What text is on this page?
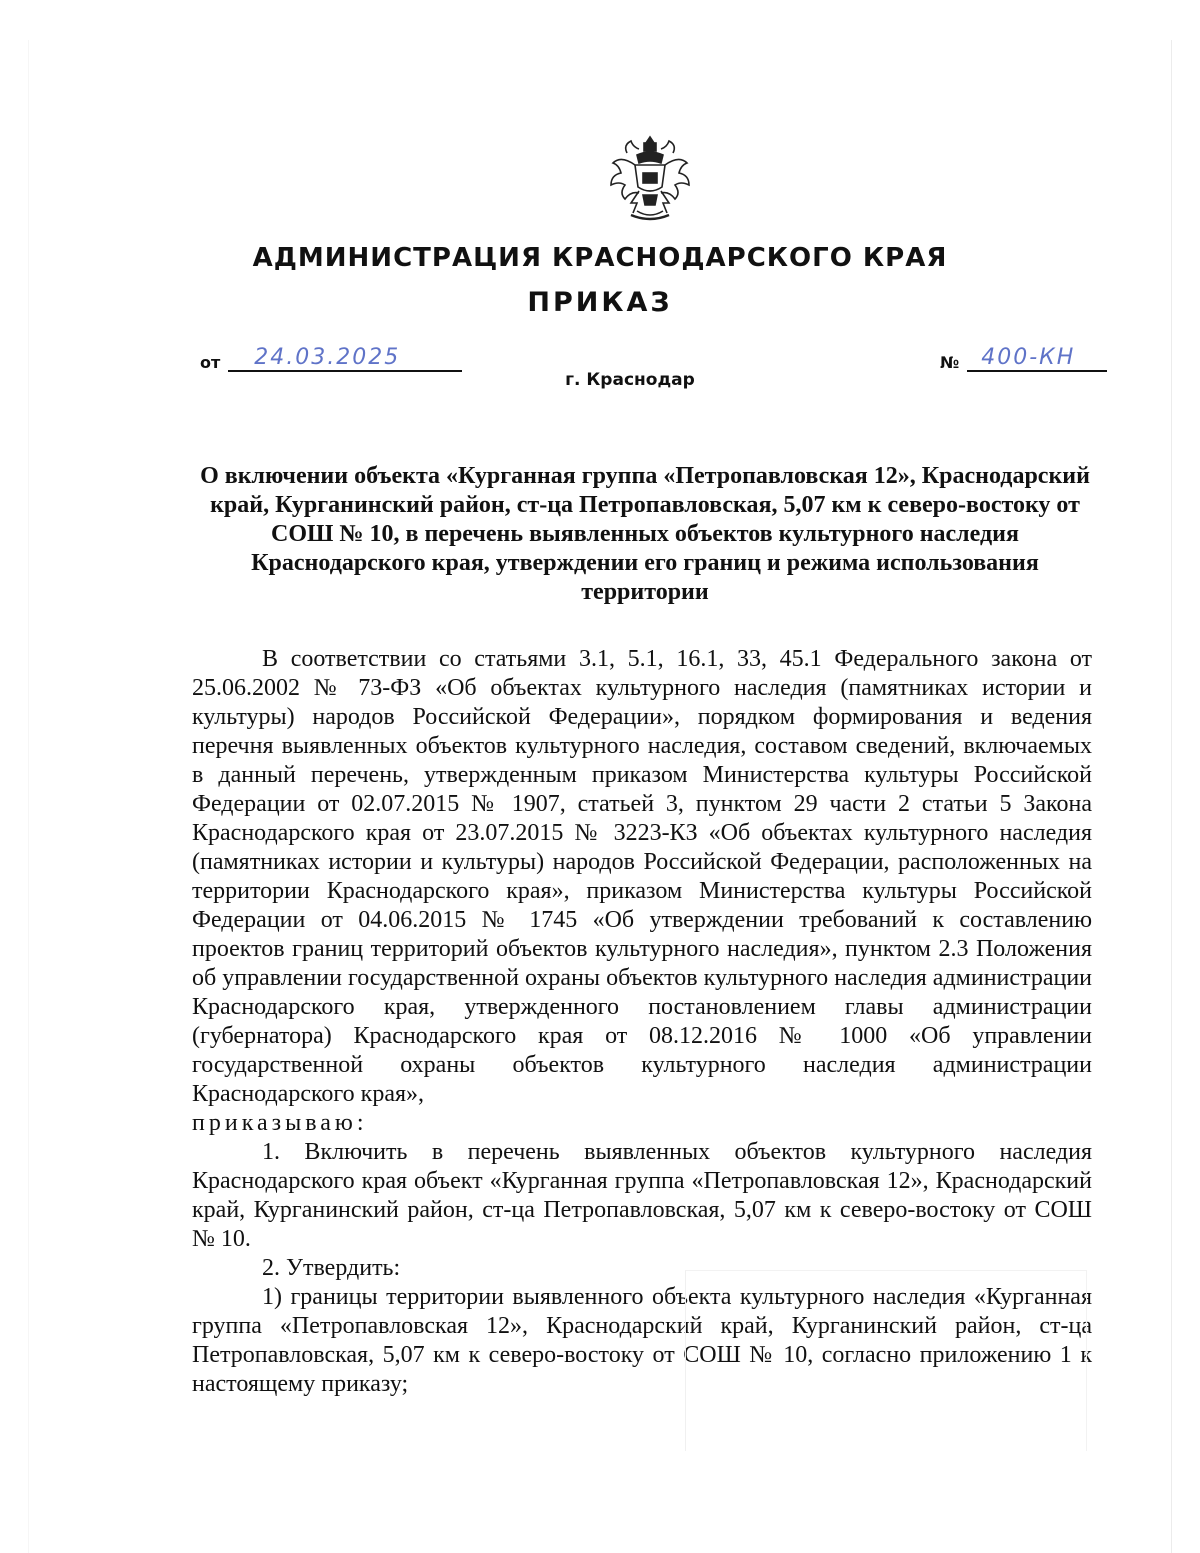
АДМИНИСТРАЦИЯ КРАСНОДАРСКОГО КРАЯ
ПРИКАЗ
от 24.03.2025	№ 400-КН
г. Краснодар
О включении объекта «Курганная группа «Петропавловская 12», Краснодарский край, Курганинский район, ст-ца Петропавловская, 5,07 км к северо-востоку от СОШ № 10, в перечень выявленных объектов культурного наследия Краснодарского края, утверждении его границ и режима использования территории

В соответствии со статьями 3.1, 5.1, 16.1, 33, 45.1 Федерального закона от 25.06.2002 № 73-ФЗ «Об объектах культурного наследия (памятниках истории и культуры) народов Российской Федерации», порядком формирования и ведения перечня выявленных объектов культурного наследия, составом сведений, включаемых в данный перечень, утвержденным приказом Министерства культуры Российской Федерации от 02.07.2015 № 1907, статьей 3, пунктом 29 части 2 статьи 5 Закона Краснодарского края от 23.07.2015 № 3223-КЗ «Об объектах культурного наследия (памятниках истории и культуры) народов Российской Федерации, расположенных на территории Краснодарского края», приказом Министерства культуры Российской Федерации от 04.06.2015 № 1745 «Об утверждении требований к составлению проектов границ территорий объектов культурного наследия», пунктом 2.3 Положения об управлении государственной охраны объектов культурного наследия администрации Краснодарского края, утвержденного постановлением главы администрации (губернатора) Краснодарского края от 08.12.2016 № 1000 «Об управлении государственной охраны объектов культурного наследия администрации Краснодарского края»,

приказываю:

1. Включить в перечень выявленных объектов культурного наследия Краснодарского края объект «Курганная группа «Петропавловская 12», Краснодарский край, Курганинский район, ст-ца Петропавловская, 5,07 км к северо-востоку от СОШ № 10.

2. Утвердить:

1) границы территории выявленного объекта культурного наследия «Курганная группа «Петропавловская 12», Краснодарский край, Курганинский район, ст-ца Петропавловская, 5,07 км к северо-востоку от СОШ № 10, согласно приложению 1 к настоящему приказу;
